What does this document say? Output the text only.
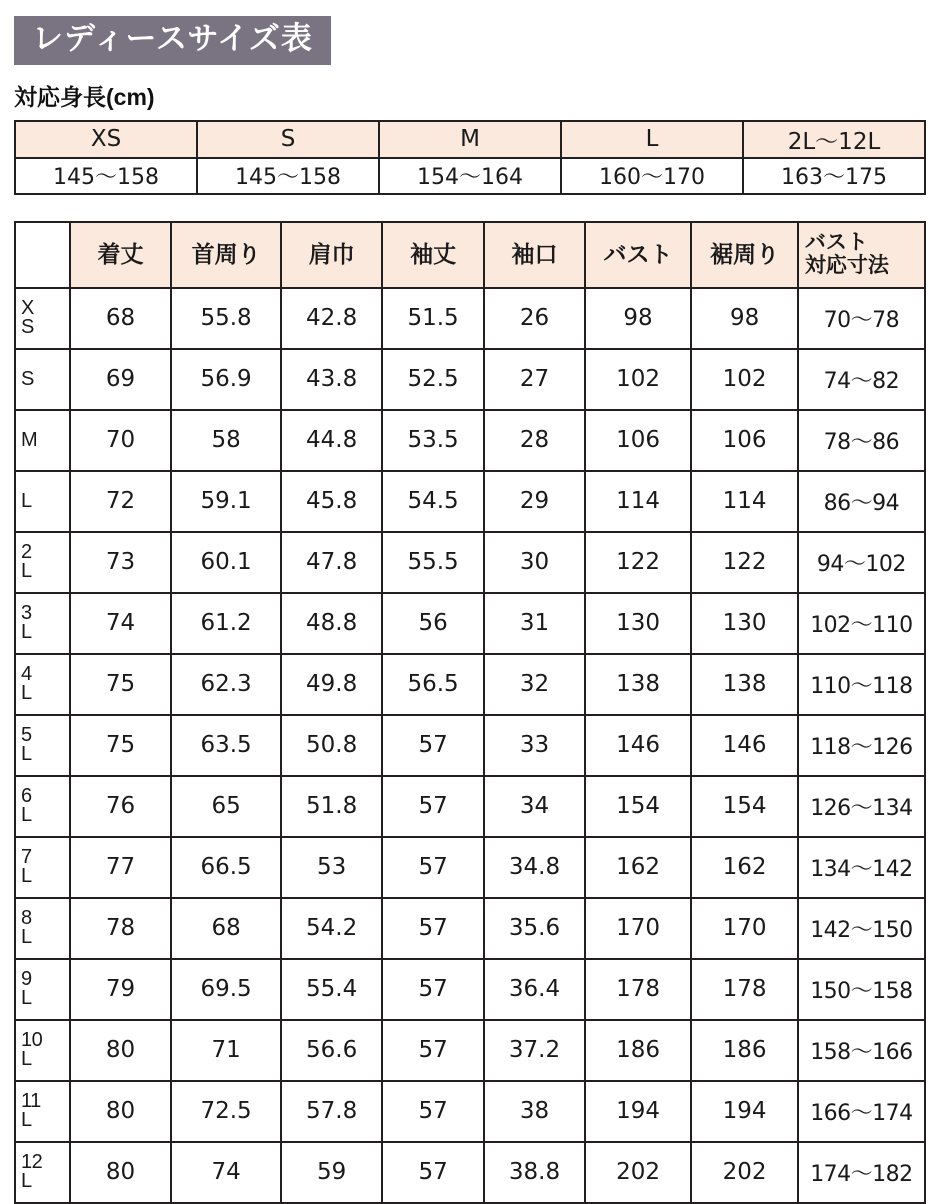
レディースサイズ表
対応身長(cm)
XS	S	M	L	2L〜12L
145〜158	145〜158	154〜164	160〜170	163〜175
	着丈	首周り	肩巾	袖丈	袖口	バスト	裾周り	バスト
対応寸法

X
S	68	55.8	42.8	51.5	26	98	98	70〜78

S	69	56.9	43.8	52.5	27	102	102	74〜82

M	70	58	44.8	53.5	28	106	106	78〜86

L	72	59.1	45.8	54.5	29	114	114	86〜94

2
L	73	60.1	47.8	55.5	30	122	122	94〜102

3
L	74	61.2	48.8	56	31	130	130	102〜110

4
L	75	62.3	49.8	56.5	32	138	138	110〜118

5
L	75	63.5	50.8	57	33	146	146	118〜126

6
L	76	65	51.8	57	34	154	154	126〜134

7
L	77	66.5	53	57	34.8	162	162	134〜142

8
L	78	68	54.2	57	35.6	170	170	142〜150

9
L	79	69.5	55.4	57	36.4	178	178	150〜158

10
L	80	71	56.6	57	37.2	186	186	158〜166

11
L	80	72.5	57.8	57	38	194	194	166〜174

12
L	80	74	59	57	38.8	202	202	174〜182
